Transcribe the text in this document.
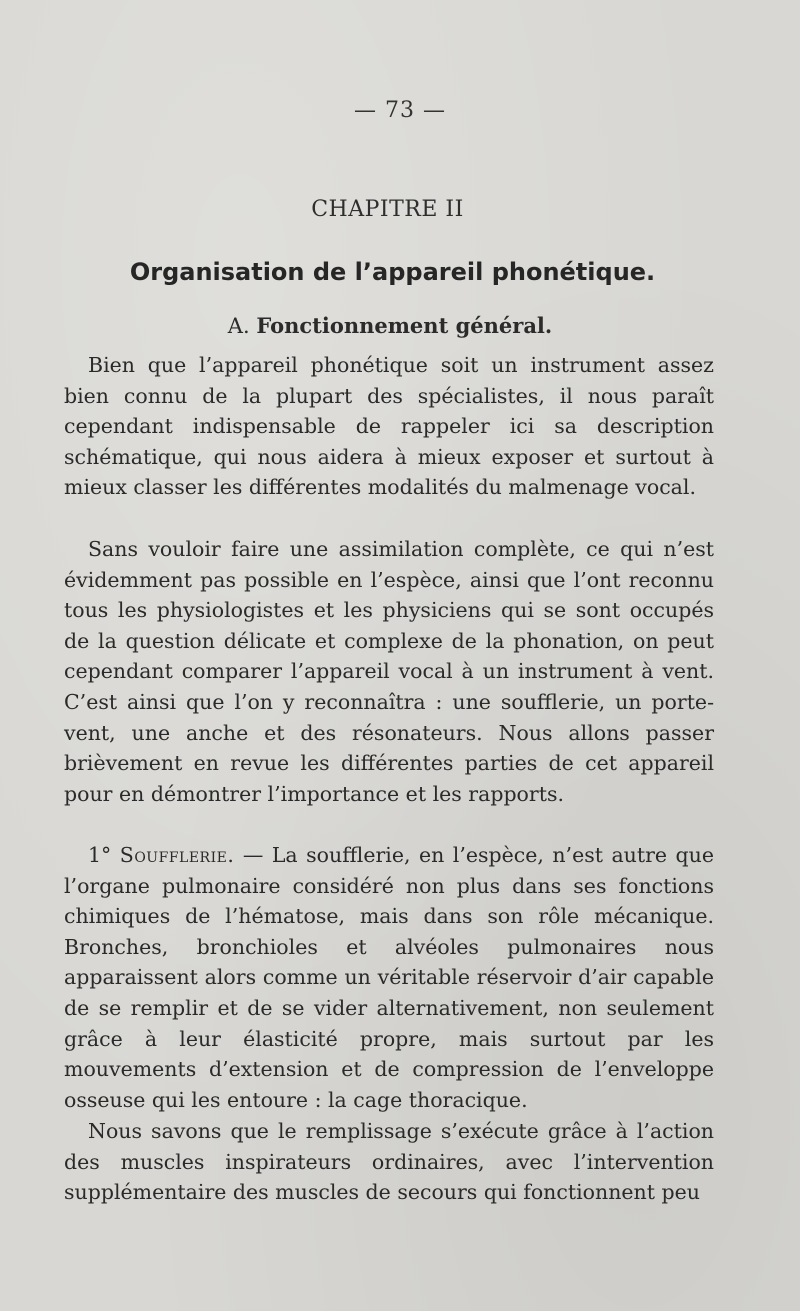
— 73 —
CHAPITRE II
Organisation de l’appareil phonétique.
A. Fonctionnement général.

Bien que l’appareil phonétique soit un instrument assez bien connu de la plupart des spécialistes, il nous paraît cependant indispensable de rappeler ici sa description schématique, qui nous aidera à mieux exposer et surtout à mieux classer les différentes modalités du malmenage vocal.

Sans vouloir faire une assimilation complète, ce qui n’est évidemment pas possible en l’espèce, ainsi que l’ont reconnu tous les physiologistes et les physiciens qui se sont occupés de la question délicate et complexe de la phonation, on peut cependant comparer l’appareil vocal à un instrument à vent. C’est ainsi que l’on y reconnaîtra : une soufflerie, un porte-vent, une anche et des résonateurs. Nous allons passer brièvement en revue les différentes parties de cet appareil pour en démontrer l’importance et les rapports.

1° Soufflerie. — La soufflerie, en l’espèce, n’est autre que l’organe pulmonaire considéré non plus dans ses fonctions chimiques de l’hématose, mais dans son rôle mécanique. Bronches, bronchioles et alvéoles pulmonaires nous apparaissent alors comme un véritable réservoir d’air capable de se remplir et de se vider alternativement, non seulement grâce à leur élasticité propre, mais surtout par les mouvements d’extension et de compression de l’enveloppe osseuse qui les entoure : la cage thoracique.

Nous savons que le remplissage s’exécute grâce à l’action des muscles inspirateurs ordinaires, avec l’intervention supplémentaire des muscles de secours qui fonctionnent peu
